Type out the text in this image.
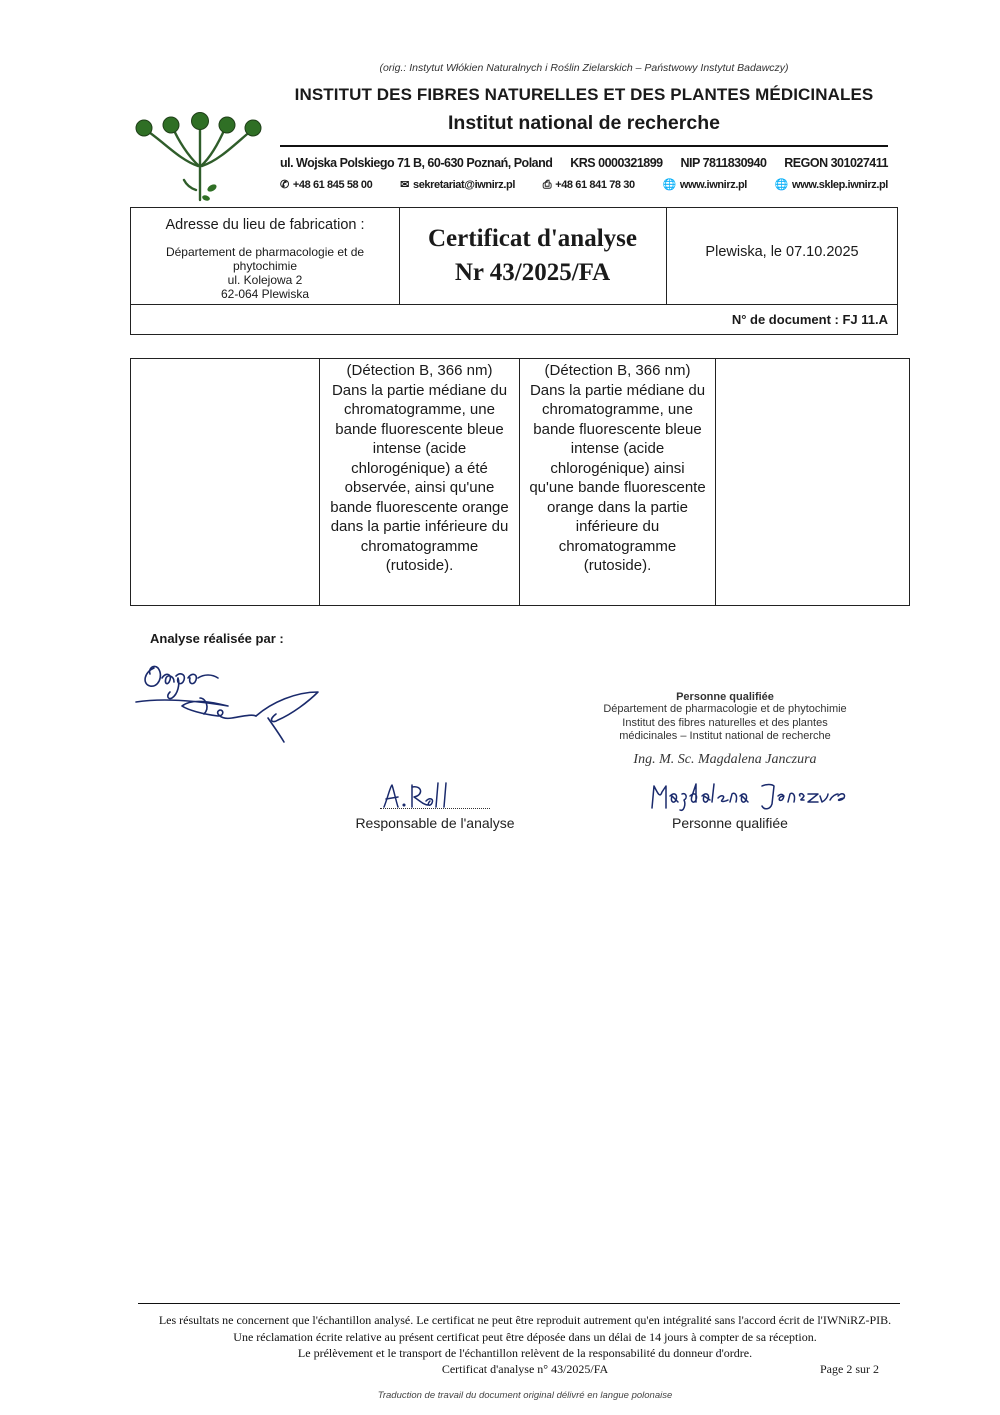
(orig.: Instytut Włókien Naturalnych i Roślin Zielarskich – Państwowy Instytut Badawczy)
INSTITUT DES FIBRES NATURELLES ET DES PLANTES MÉDICINALES
Institut national de recherche
ul. Wojska Polskiego 71 B, 60-630 Poznań, Poland KRS 0000321899 NIP 7811830940 REGON 301027411
✆ +48 61 845 58 00	✉ sekretariat@iwnirz.pl	⎙ +48 61 841 78 30	🌐 www.iwnirz.pl	🌐 www.sklep.iwnirz.pl
Adresse du lieu de fabrication :
Département de pharmacologie et de phytochimie
ul. Kolejowa 2
62-064 Plewiska
Certificat d'analyse
Nr 43/2025/FA
Plewiska, le 07.10.2025
N° de document : FJ 11.A
(Détection B, 366 nm) Dans la partie médiane du chromatogramme, une bande fluorescente bleue intense (acide chlorogénique) a été observée, ainsi qu'une bande fluorescente orange dans la partie inférieure du chromatogramme (rutoside).
(Détection B, 366 nm) Dans la partie médiane du chromatogramme, une bande fluorescente bleue intense (acide chlorogénique) ainsi qu'une bande fluorescente orange dans la partie inférieure du chromatogramme (rutoside).
Analyse réalisée par :
Personne qualifiée
Département de pharmacologie et de phytochimie
Institut des fibres naturelles et des plantes
médicinales – Institut national de recherche
Ing. M. Sc. Magdalena Janczura
Responsable de l'analyse	Personne qualifiée
Les résultats ne concernent que l'échantillon analysé. Le certificat ne peut être reproduit autrement qu'en intégralité sans l'accord écrit de l'IWNiRZ-PIB.
Une réclamation écrite relative au présent certificat peut être déposée dans un délai de 14 jours à compter de sa réception.
Le prélèvement et le transport de l'échantillon relèvent de la responsabilité du donneur d'ordre.
Certificat d'analyse n° 43/2025/FA	Page 2 sur 2
Traduction de travail du document original délivré en langue polonaise
